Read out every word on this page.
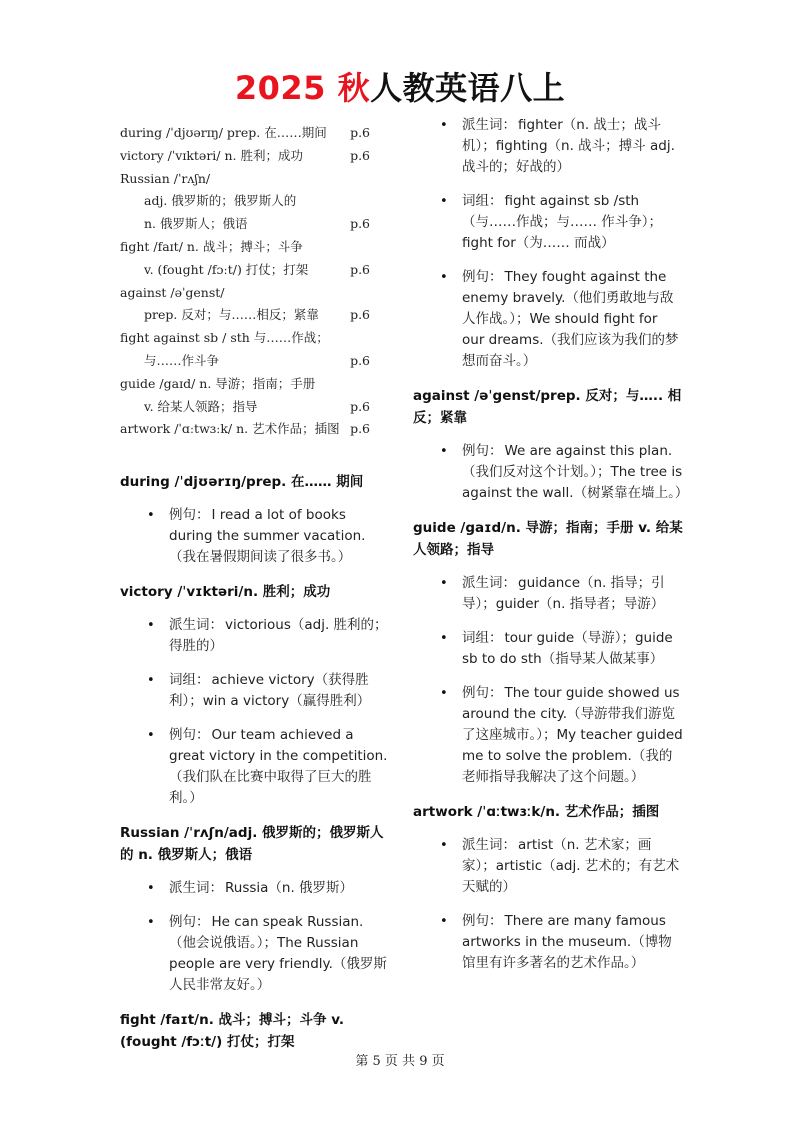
2025 秋人教英语八上
during /ˈdjʊərɪŋ/ prep. 在……期间 p.6
victory /ˈvɪktəri/ n. 胜利；成功	p.6
Russian /ˈrʌʃn/
adj. 俄罗斯的；俄罗斯人的
n. 俄罗斯人；俄语	p.6
fight /faɪt/ n. 战斗；搏斗；斗争
v. (fought /fɔːt/) 打仗；打架	p.6
against /əˈgenst/
prep. 反对；与……相反；紧靠 p.6
fight against sb / sth 与……作战；
与……作斗争	p.6
guide /gaɪd/ n. 导游；指南；手册
v. 给某人领路；指导	p.6
artwork /ˈɑːtwɜːk/ n. 艺术作品；插图 p.6
during /ˈdjʊərɪŋ/prep. 在…… 期间
• 例句： I read a lot of books during the summer vacation.（我在暑假期间读了很多书。）
victory /ˈvɪktəri/n. 胜利；成功
• 派生词： victorious（adj. 胜利的；得胜的）
• 词组： achieve victory（获得胜利）；win a victory（赢得胜利）
• 例句： Our team achieved a great victory in the competition.（我们队在比赛中取得了巨大的胜利。）
Russian /ˈrʌʃn/adj. 俄罗斯的；俄罗斯人的 n. 俄罗斯人；俄语
• 派生词： Russia（n. 俄罗斯）
• 例句： He can speak Russian.（他会说俄语。）；The Russian people are very friendly.（俄罗斯人民非常友好。）
fight /faɪt/n. 战斗；搏斗；斗争 v. (fought /fɔːt/) 打仗；打架
• 派生词： fighter（n. 战士；战斗机）；fighting（n. 战斗；搏斗 adj. 战斗的；好战的）
• 词组： fight against sb /sth（与……作战；与…… 作斗争）；fight for（为…… 而战）
• 例句： They fought against the enemy bravely.（他们勇敢地与敌人作战。）；We should fight for our dreams.（我们应该为我们的梦想而奋斗。）
against /əˈgenst/prep. 反对；与….. 相反；紧靠
• 例句： We are against this plan.（我们反对这个计划。）；The tree is against the wall.（树紧靠在墙上。）
guide /gaɪd/n. 导游；指南；手册 v. 给某人领路；指导
• 派生词： guidance（n. 指导；引导）；guider（n. 指导者；导游）
• 词组： tour guide（导游）；guide sb to do sth（指导某人做某事）
• 例句： The tour guide showed us around the city.（导游带我们游览了这座城市。）；My teacher guided me to solve the problem.（我的老师指导我解决了这个问题。）
artwork /ˈɑːtwɜːk/n. 艺术作品；插图
• 派生词： artist（n. 艺术家；画家）；artistic（adj. 艺术的；有艺术天赋的）
• 例句： There are many famous artworks in the museum.（博物馆里有许多著名的艺术作品。）
第 5 页 共 9 页
